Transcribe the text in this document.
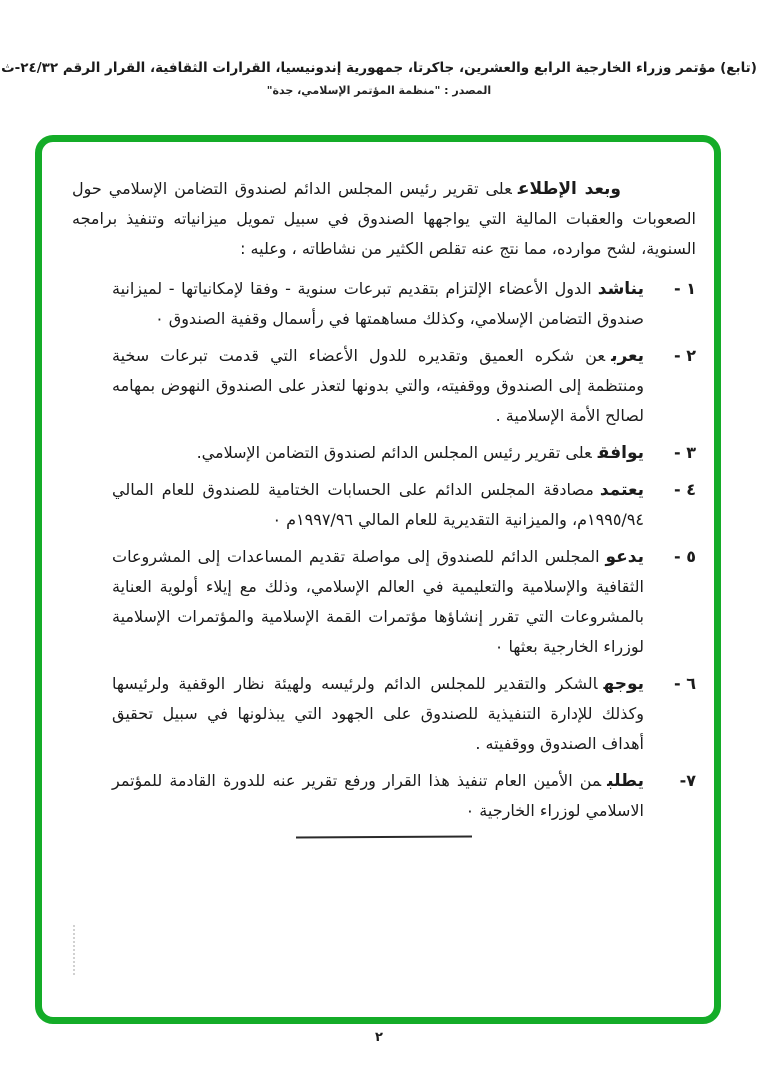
(تابع) مؤتمر وزراء الخارجية الرابع والعشرين، جاكرتا، جمهورية إندونيسيا، القرارات الثقافية، القرار الرقم ٢٤/٣٢-ث
المصدر : "منظمة المؤتمر الإسلامي، جدة"

وبعد الإطلاععلى تقرير رئيس المجلس الدائم لصندوق التضامن الإسلامي حول الصعوبات والعقبات المالية التي يواجهها الصندوق في سبيل تمويل ميزانياته وتنفيذ برامجه السنوية، لشح موارده، مما نتج عنه تقلص الكثير من نشاطاته ، وعليه :

١ -
يناشدالدول الأعضاء الإلتزام بتقديم تبرعات سنوية - وفقا لإمكانياتها - لميزانية صندوق التضامن الإسلامي، وكذلك مساهمتها في رأسمال وقفية الصندوق ٠
٢ -
يعربعن شكره العميق وتقديره للدول الأعضاء التي قدمت تبرعات سخية ومنتظمة إلى الصندوق ووقفيته، والتي بدونها لتعذر على الصندوق النهوض بمهامه لصالح الأمة الإسلامية .
٣ -
يوافقعلى تقرير رئيس المجلس الدائم لصندوق التضامن الإسلامي.
٤ -
يعتمدمصادقة المجلس الدائم على الحسابات الختامية للصندوق للعام المالي ١٩٩٥/٩٤م، والميزانية التقديرية للعام المالي ١٩٩٧/٩٦م ٠
٥ -
يدعوالمجلس الدائم للصندوق إلى مواصلة تقديم المساعدات إلى المشروعات الثقافية والإسلامية والتعليمية في العالم الإسلامي، وذلك مع إيلاء أولوية العناية بالمشروعات التي تقرر إنشاؤها مؤتمرات القمة الإسلامية والمؤتمرات الإسلامية لوزراء الخارجية بعثها ٠
٦ -
يوجهالشكر والتقدير للمجلس الدائم ولرئيسه ولهيئة نظار الوقفية ولرئيسها وكذلك للإدارة التنفيذية للصندوق على الجهود التي يبذلونها في سبيل تحقيق أهداف الصندوق ووقفيته .
٧-
يطلبمن الأمين العام تنفيذ هذا القرار ورفع تقرير عنه للدورة القادمة للمؤتمر الاسلامي لوزراء الخارجية ٠
٢
